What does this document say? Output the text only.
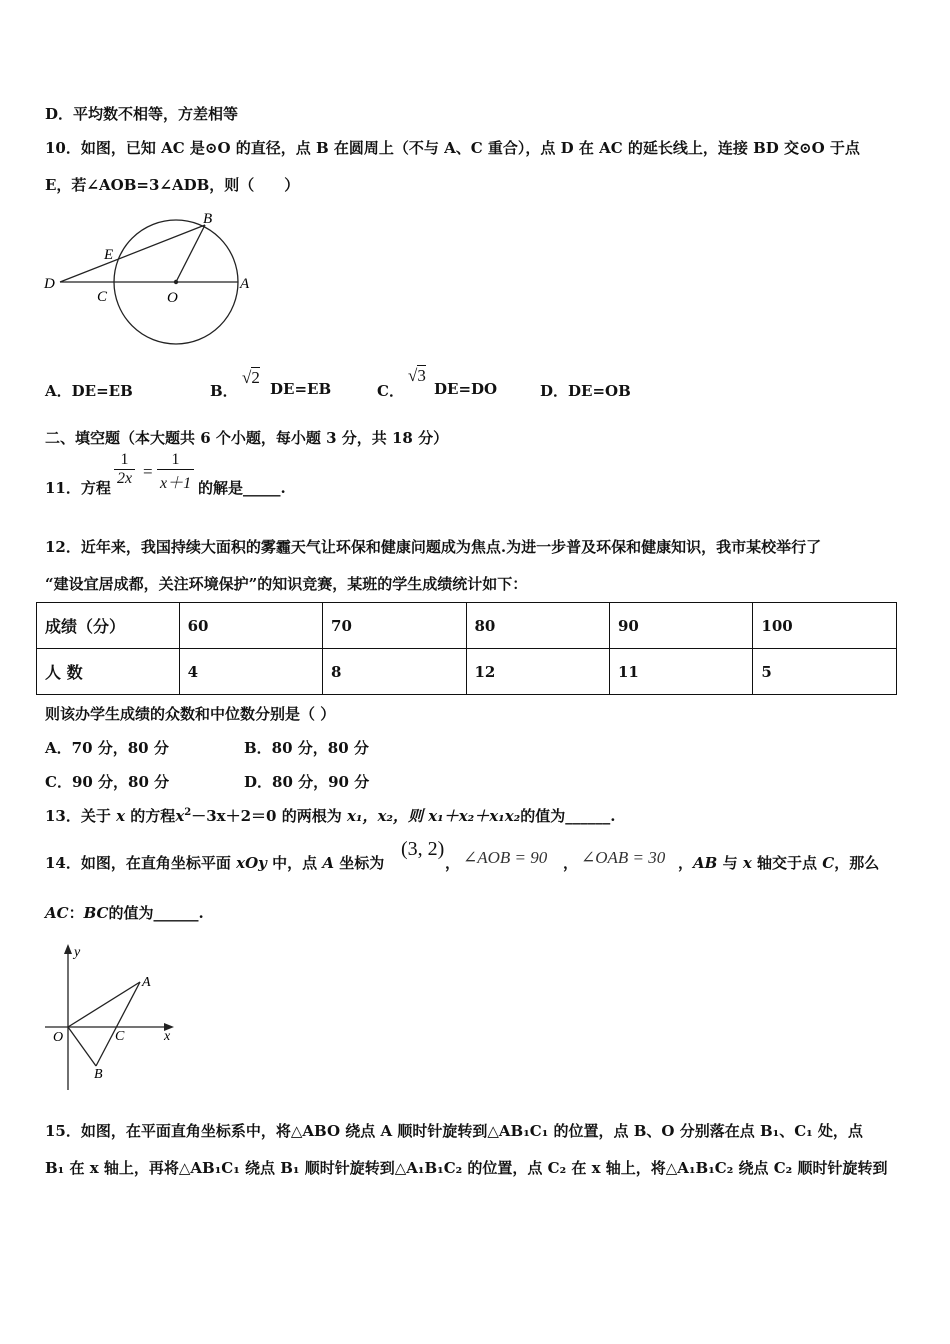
D．平均数不相等，方差相等
10．如图，已知 AC 是⊙O 的直径，点 B 在圆周上（不与 A、C 重合），点 D 在 AC 的延长线上，连接 BD 交⊙O 于点
E，若∠AOB=3∠ADB，则（　　）
B
E
D
C	O
A
A．DE=EB	B．
√2
DE=EB	C．
√3
DE=DO	D．DE=OB
二、填空题（本大题共 6 个小题，每小题 3 分，共 18 分）
11．方程 $\frac{1}{2x} = \frac{1}{x+1}$ 的解是_____.
12．近年来，我国持续大面积的雾霾天气让环保和健康问题成为焦点.为进一步普及环保和健康知识，我市某校举行了
“建设宜居成都，关注环境保护”的知识竞赛，某班的学生成绩统计如下：
成绩（分）	60	70	80	90	100
人 数	4	8	12	11	5
则该办学生成绩的众数和中位数分别是（ ）
A．70 分，80 分	B．80 分，80 分
C．90 分，80 分	D．80 分，90 分
13．关于 x 的方程$x^2-3x+2=0$ 的两根为 x₁，x₂，则 x₁＋x₂＋x₁x₂的值为______.
14．如图，在直角坐标平面 xOy 中，点 A 坐标为
(3, 2)
， ∠AOB = 90 ， ∠OAB = 30 ，AB 与 x 轴交于点 C，那么
AC：BC的值为______.
y
x
O
A
C
B
15．如图，在平面直角坐标系中，将△ABO 绕点 A 顺时针旋转到△AB₁C₁ 的位置，点 B、O 分别落在点 B₁、C₁ 处，点
B₁ 在 x 轴上，再将△AB₁C₁ 绕点 B₁ 顺时针旋转到△A₁B₁C₂ 的位置，点 C₂ 在 x 轴上，将△A₁B₁C₂ 绕点 C₂ 顺时针旋转到
